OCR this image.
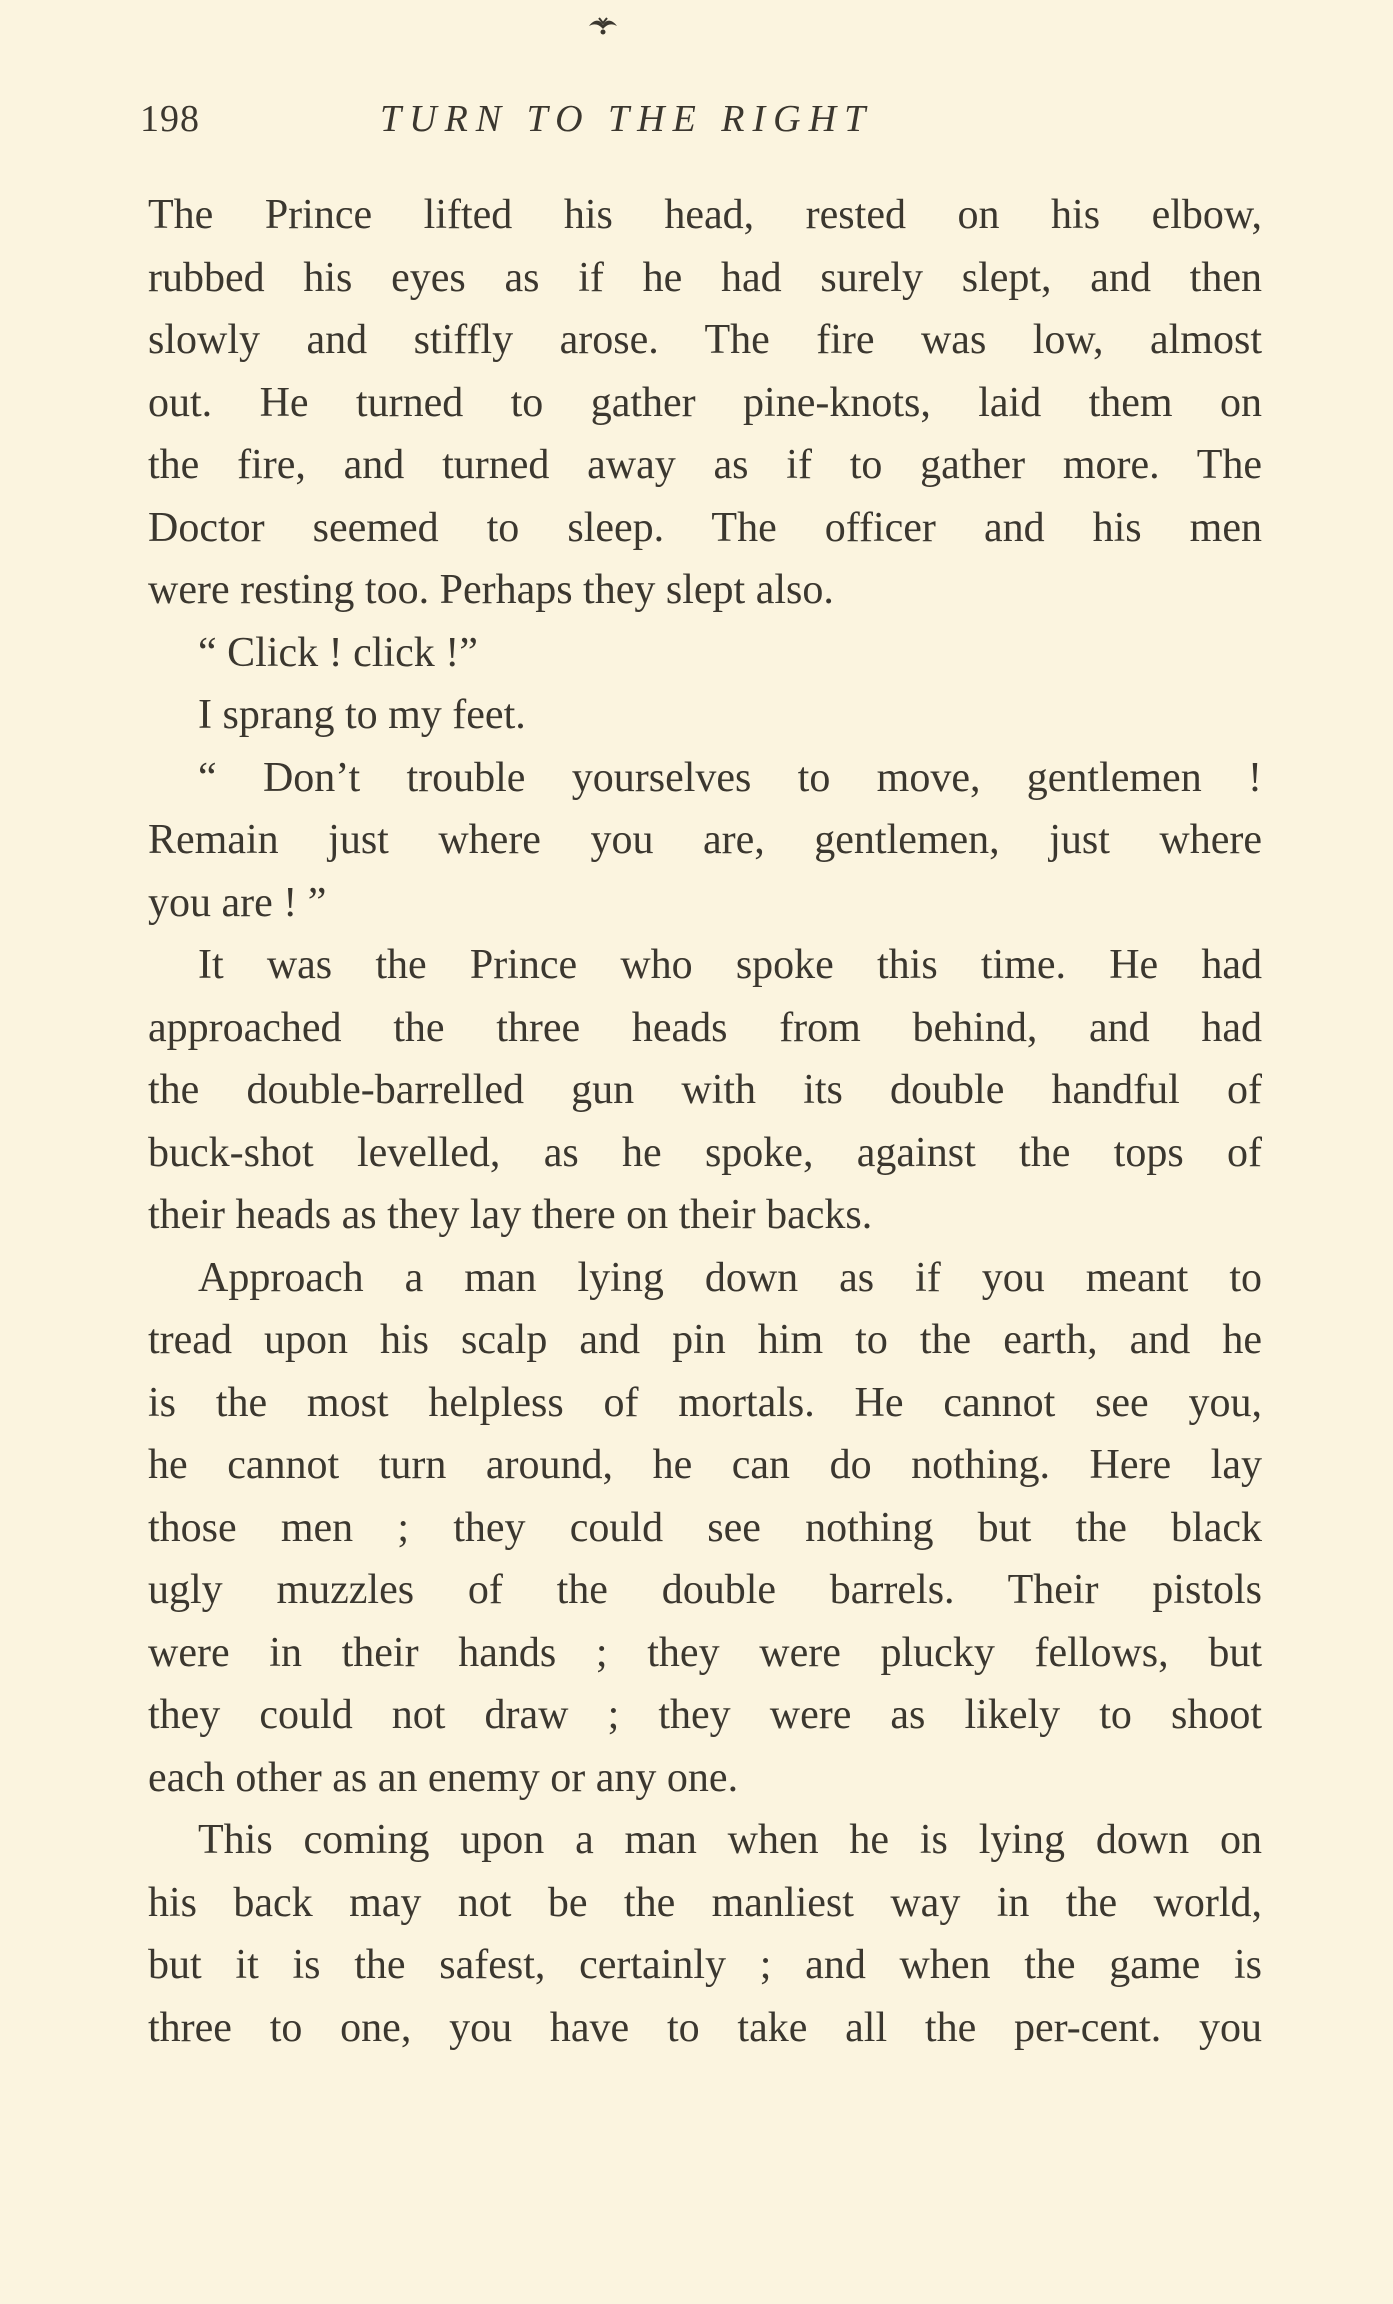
198	TURN TO THE RIGHT
The Prince lifted his head, rested on his elbow,
rubbed his eyes as if he had surely slept, and then
slowly and stiffly arose. The fire was low, almost
out. He turned to gather pine-knots, laid them on
the fire, and turned away as if to gather more. The
Doctor seemed to sleep. The officer and his men
were resting too. Perhaps they slept also.
“ Click ! click !”
I sprang to my feet.
“ Don’t trouble yourselves to move, gentlemen !
Remain just where you are, gentlemen, just where
you are ! ”
It was the Prince who spoke this time. He had
approached the three heads from behind, and had
the double-barrelled gun with its double handful of
buck-shot levelled, as he spoke, against the tops of
their heads as they lay there on their backs.
Approach a man lying down as if you meant to
tread upon his scalp and pin him to the earth, and he
is the most helpless of mortals. He cannot see you,
he cannot turn around, he can do nothing. Here lay
those men ; they could see nothing but the black
ugly muzzles of the double barrels. Their pistols
were in their hands ; they were plucky fellows, but
they could not draw ; they were as likely to shoot
each other as an enemy or any one.
This coming upon a man when he is lying down on
his back may not be the manliest way in the world,
but it is the safest, certainly ; and when the game is
three to one, you have to take all the per-cent. you
